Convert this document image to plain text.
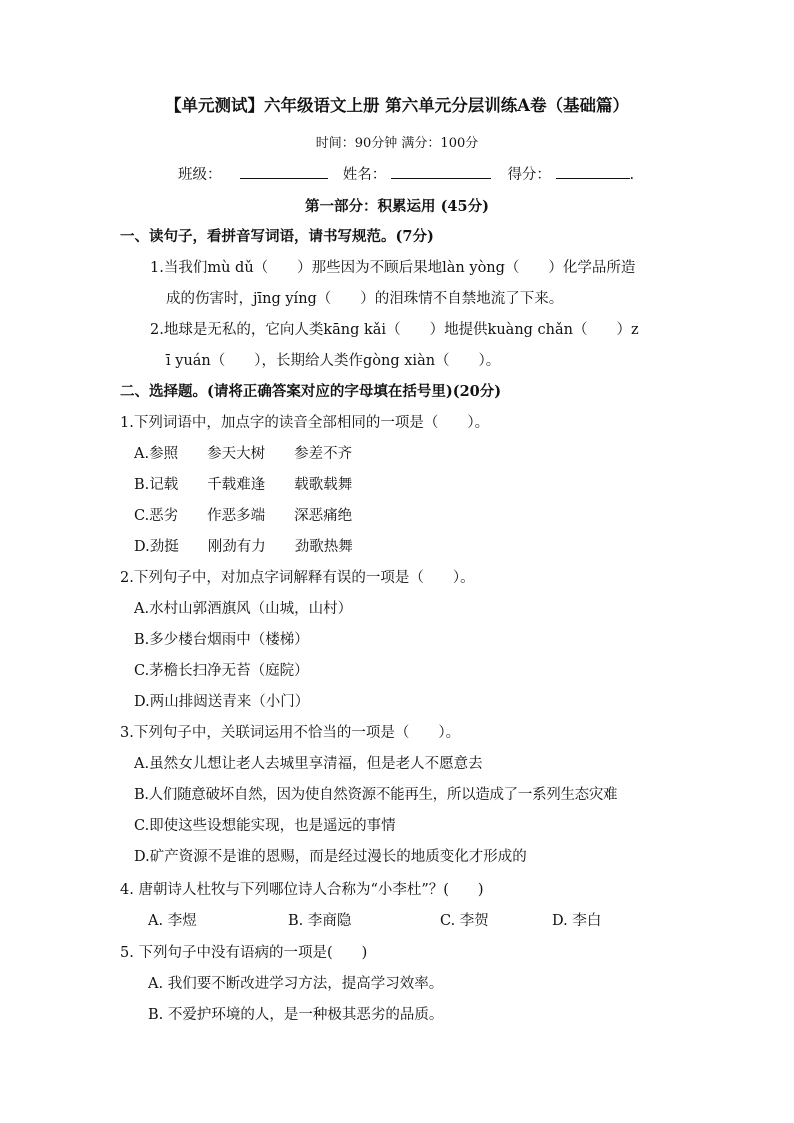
【单元测试】六年级语文上册 第六单元分层训练A卷（基础篇）
时间：90分钟 满分：100分
班级：	姓名：	得分：	.
第一部分：积累运用 (45分)
一、读句子，看拼音写词语，请书写规范。(7分)
1.当我们mù dǔ（　　）那些因为不顾后果地làn yòng（　　）化学品所造
成的伤害时，jīng yíng（　　）的泪珠情不自禁地流了下来。
2.地球是无私的，它向人类kāng kǎi（　　）地提供kuàng chǎn（　　）z
ī yuán（　　），长期给人类作gòng xiàn（　　）。
二、选择题。(请将正确答案对应的字母填在括号里)(20分)
1.下列词语中，加点字的读音全部相同的一项是（　　）。
A.参照　　参天大树　　参差不齐
B.记载　　千载难逢　　载歌载舞
C.恶劣　　作恶多端　　深恶痛绝
D.劲挺　　刚劲有力　　劲歌热舞
2.下列句子中，对加点字词解释有误的一项是（　　）。
A.水村山郭酒旗风（山城，山村）
B.多少楼台烟雨中（楼梯）
C.茅檐长扫净无苔（庭院）
D.两山排闼送青来（小门）
3.下列句子中，关联词运用不恰当的一项是（　　）。
A.虽然女儿想让老人去城里享清福，但是老人不愿意去
B.人们随意破坏自然，因为使自然资源不能再生，所以造成了一系列生态灾难
C.即使这些设想能实现，也是遥远的事情
D.矿产资源不是谁的恩赐，而是经过漫长的地质变化才形成的
4. 唐朝诗人杜牧与下列哪位诗人合称为“小李杜”？(　　)
A. 李煜	B. 李商隐	C. 李贺	D. 李白
5. 下列句子中没有语病的一项是(　　)
A. 我们要不断改进学习方法，提高学习效率。
B. 不爱护环境的人，是一种极其恶劣的品质。
